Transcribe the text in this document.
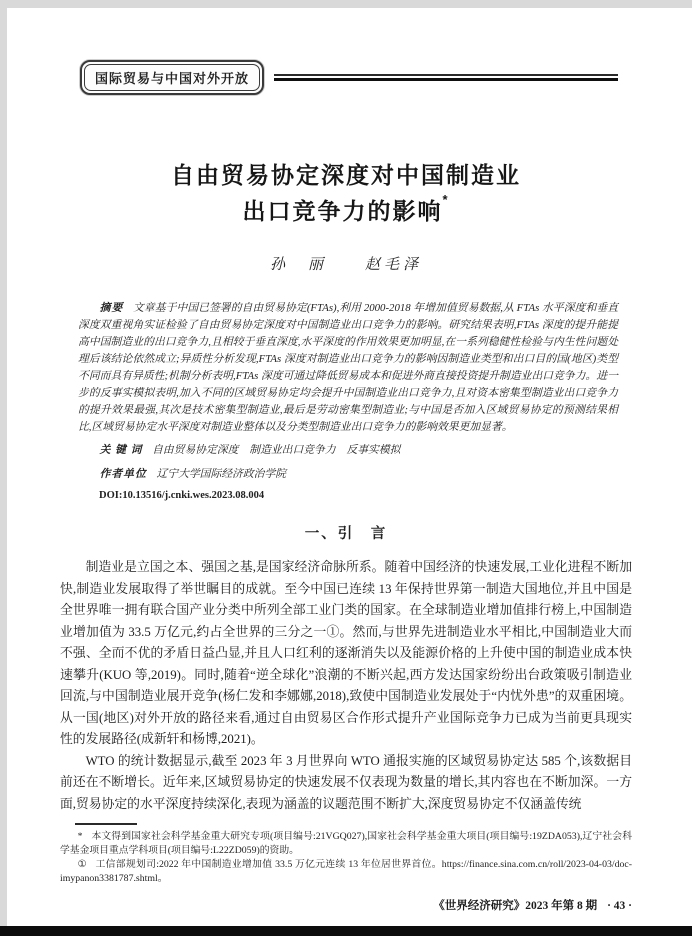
国际贸易与中国对外开放
自由贸易协定深度对中国制造业
出口竞争力的影响*
孙　丽　　赵毛泽

摘要 文章基于中国已签署的自由贸易协定(FTAs),利用 2000-2018 年增加值贸易数据,从 FTAs 水平深度和垂直深度双重视角实证检验了自由贸易协定深度对中国制造业出口竞争力的影响。研究结果表明,FTAs 深度的提升能提高中国制造业的出口竞争力,且相较于垂直深度,水平深度的作用效果更加明显,在一系列稳健性检验与内生性问题处理后该结论依然成立;异质性分析发现,FTAs 深度对制造业出口竞争力的影响因制造业类型和出口目的国(地区)类型不同而具有异质性;机制分析表明,FTAs 深度可通过降低贸易成本和促进外商直接投资提升制造业出口竞争力。进一步的反事实模拟表明,加入不同的区域贸易协定均会提升中国制造业出口竞争力,且对资本密集型制造业出口竞争力的提升效果最强,其次是技术密集型制造业,最后是劳动密集型制造业;与中国是否加入区域贸易协定的预测结果相比,区域贸易协定水平深度对制造业整体以及分类型制造业出口竞争力的影响效果更加显著。

关 键 词 自由贸易协定深度　制造业出口竞争力　反事实模拟

作者单位 辽宁大学国际经济政治学院

DOI:10.13516/j.cnki.wes.2023.08.004

一、引　言

制造业是立国之本、强国之基,是国家经济命脉所系。随着中国经济的快速发展,工业化进程不断加快,制造业发展取得了举世瞩目的成就。至今中国已连续 13 年保持世界第一制造大国地位,并且中国是全世界唯一拥有联合国产业分类中所列全部工业门类的国家。在全球制造业增加值排行榜上,中国制造业增加值为 33.5 万亿元,约占全世界的三分之一①。然而,与世界先进制造业水平相比,中国制造业大而不强、全而不优的矛盾日益凸显,并且人口红利的逐渐消失以及能源价格的上升使中国的制造业成本快速攀升(KUO 等,2019)。同时,随着“逆全球化”浪潮的不断兴起,西方发达国家纷纷出台政策吸引制造业回流,与中国制造业展开竞争(杨仁发和李娜娜,2018),致使中国制造业发展处于“内忧外患”的双重困境。从一国(地区)对外开放的路径来看,通过自由贸易区合作形式提升产业国际竞争力已成为当前更具现实性的发展路径(成新轩和杨博,2021)。

WTO 的统计数据显示,截至 2023 年 3 月世界向 WTO 通报实施的区域贸易协定达 585 个,该数据目前还在不断增长。近年来,区域贸易协定的快速发展不仅表现为数量的增长,其内容也在不断加深。一方面,贸易协定的水平深度持续深化,表现为涵盖的议题范围不断扩大,深度贸易协定不仅涵盖传统

* 本文得到国家社会科学基金重大研究专项(项目编号:21VGQ027),国家社会科学基金重大项目(项目编号:19ZDA053),辽宁社会科学基金项目重点学科项目(项目编号:L22ZD059)的资助。

① 工信部规划司:2022 年中国制造业增加值 33.5 万亿元连续 13 年位居世界首位。https://finance.sina.com.cn/roll/2023-04-03/doc-imypanon3381787.shtml。

《世界经济研究》2023 年第 8 期 · 43 ·
